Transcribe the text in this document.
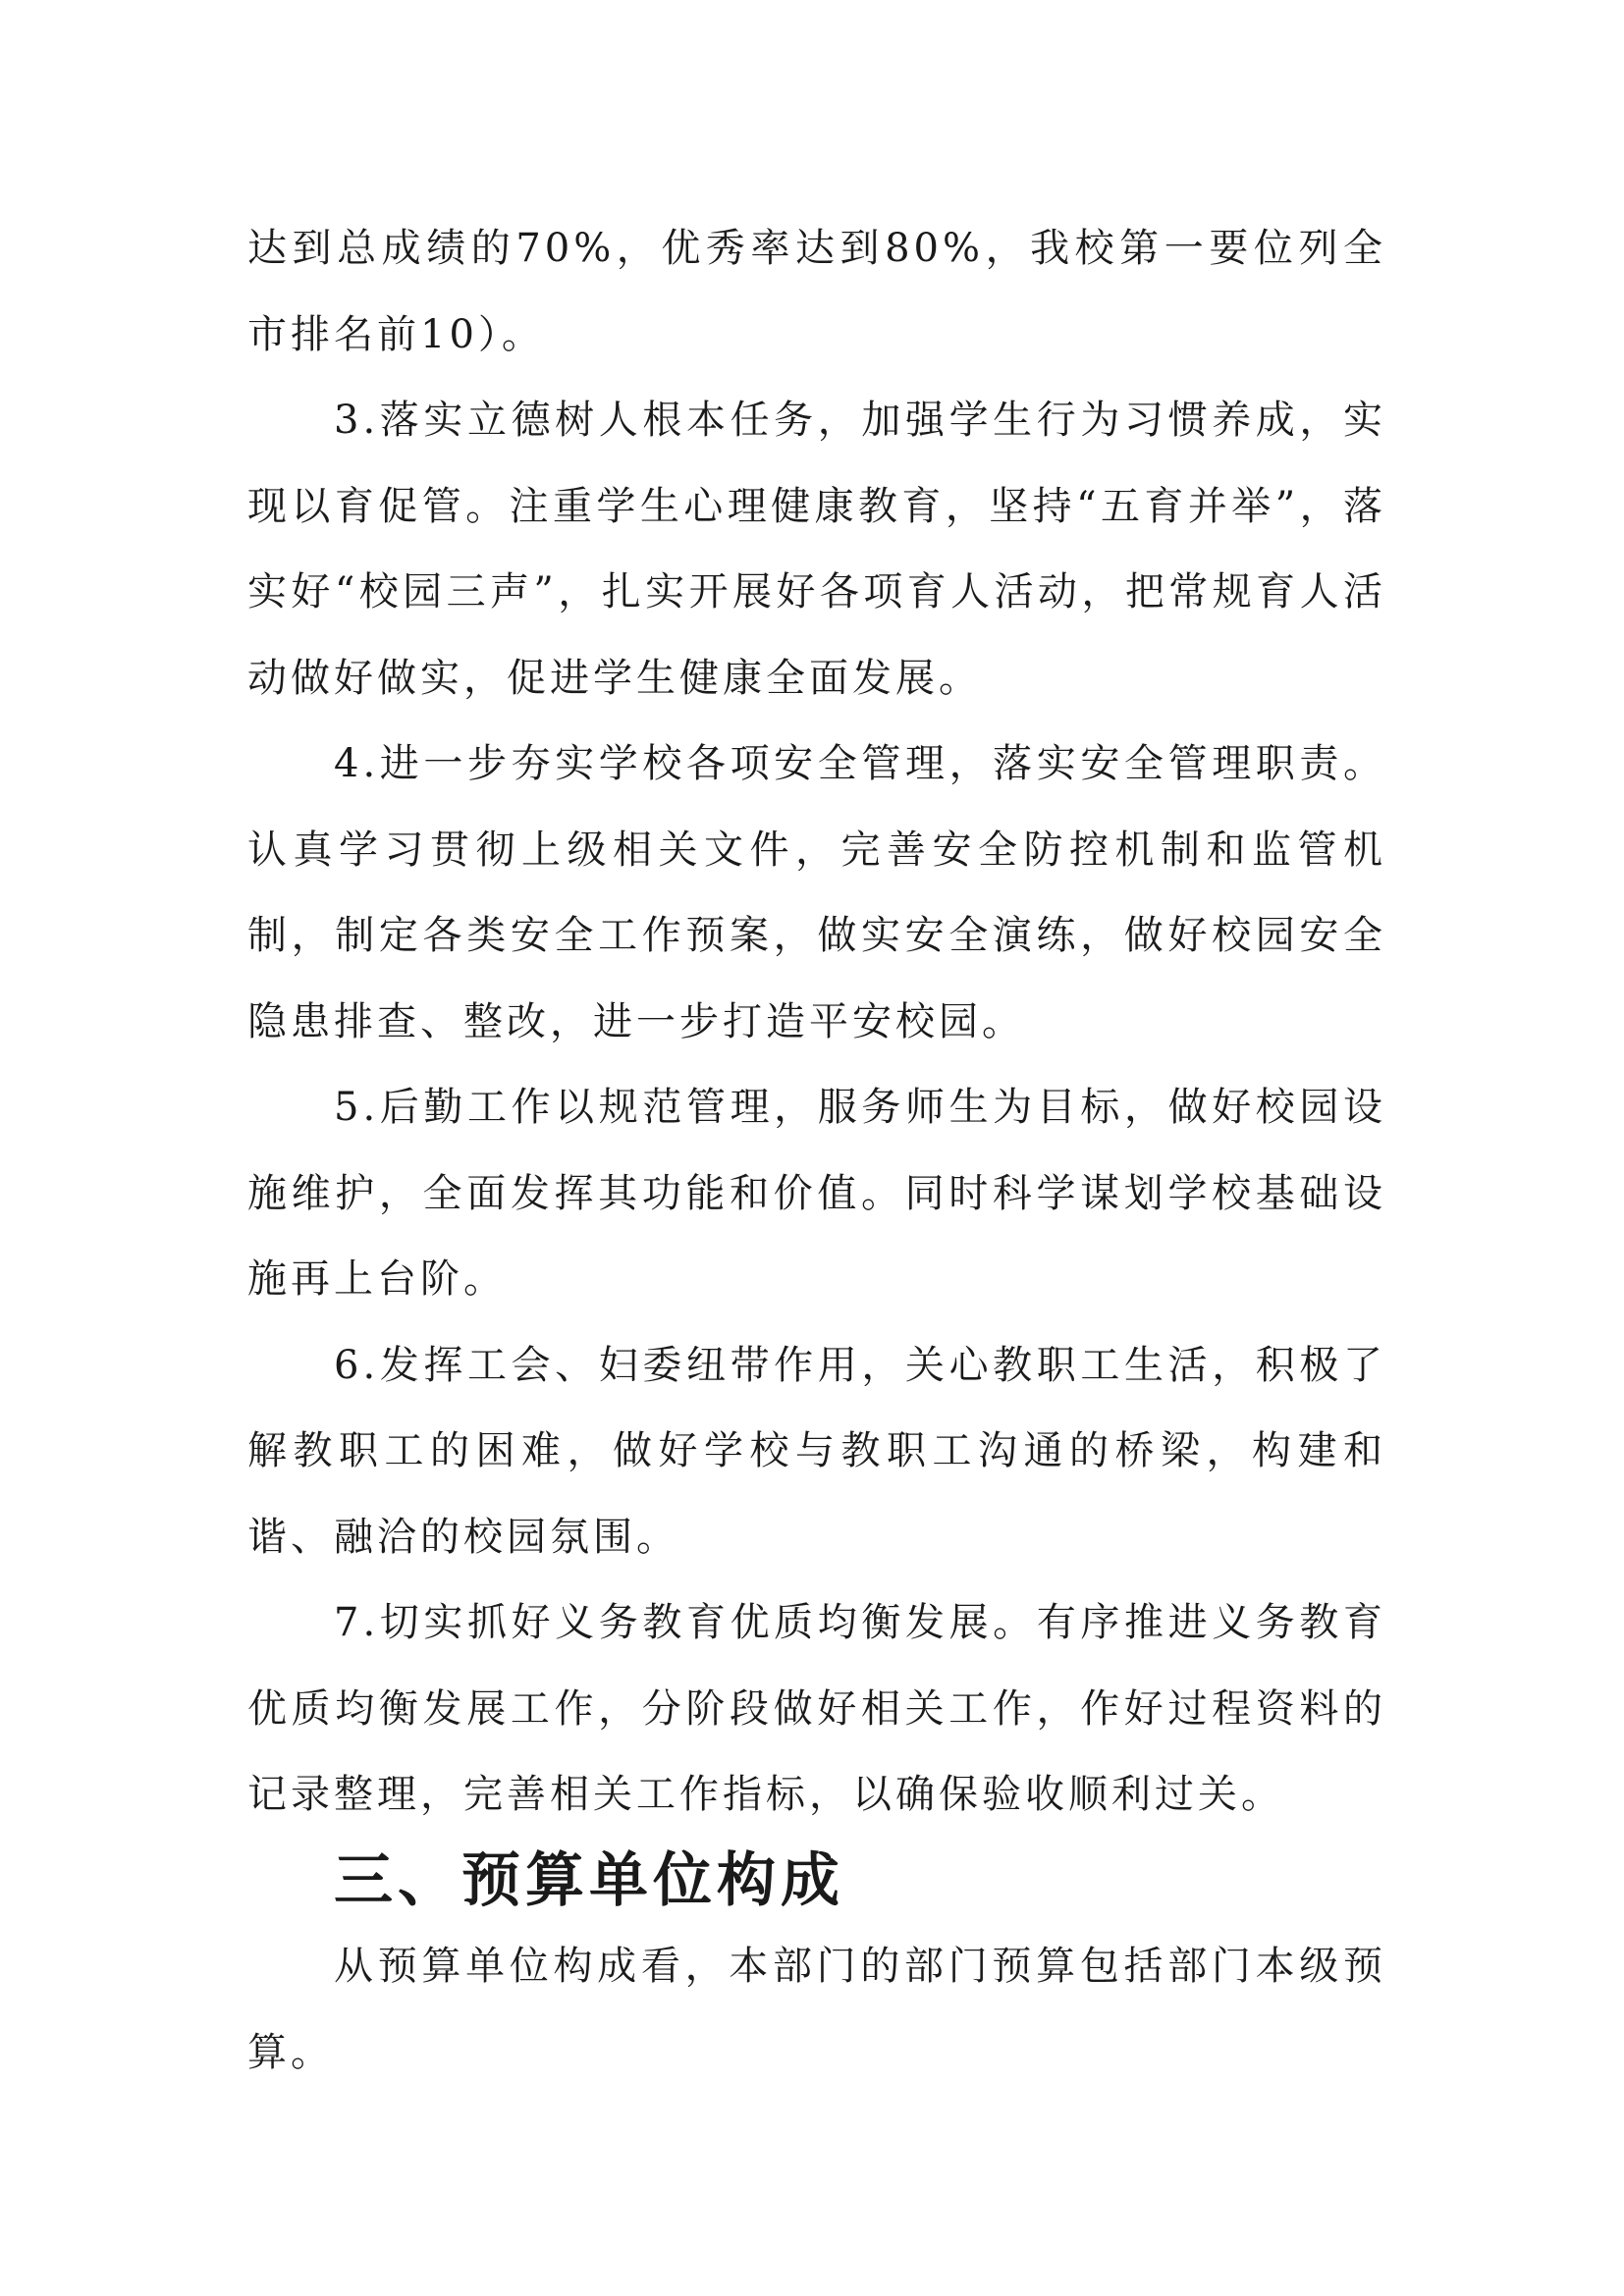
达到总成绩的70%，优秀率达到80%，我校第一要位列全市排名前10）。

3.落实立德树人根本任务，加强学生行为习惯养成，实现以育促管。注重学生心理健康教育，坚持“五育并举”，落实好“校园三声”，扎实开展好各项育人活动，把常规育人活动做好做实，促进学生健康全面发展。

4.进一步夯实学校各项安全管理，落实安全管理职责。认真学习贯彻上级相关文件，完善安全防控机制和监管机制，制定各类安全工作预案，做实安全演练，做好校园安全隐患排查、整改，进一步打造平安校园。

5.后勤工作以规范管理，服务师生为目标，做好校园设施维护，全面发挥其功能和价值。同时科学谋划学校基础设施再上台阶。

6.发挥工会、妇委纽带作用，关心教职工生活，积极了解教职工的困难，做好学校与教职工沟通的桥梁，构建和谐、融洽的校园氛围。

7.切实抓好义务教育优质均衡发展。有序推进义务教育优质均衡发展工作，分阶段做好相关工作，作好过程资料的记录整理，完善相关工作指标，以确保验收顺利过关。

三、预算单位构成

从预算单位构成看，本部门的部门预算包括部门本级预算。
